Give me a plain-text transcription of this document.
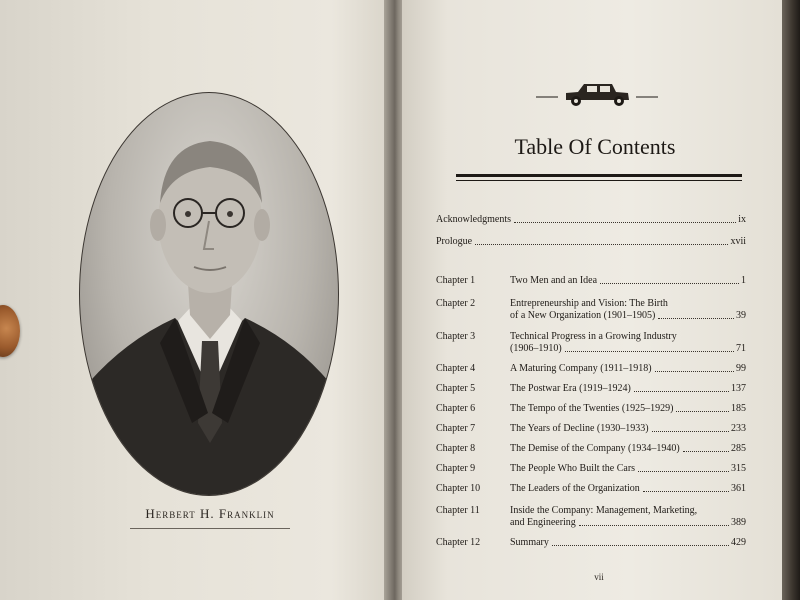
Herbert H. Franklin
Table Of Contents
Acknowledgments	ix
Prologue	xvii
Chapter 1	Two Men and an Idea	1
Chapter 2	Entrepreneurship and Vision: The Birth
of a New Organization (1901–1905)	39
Chapter 3	Technical Progress in a Growing Industry
(1906–1910)	71
Chapter 4	A Maturing Company (1911–1918)	99
Chapter 5	The Postwar Era (1919–1924)	137
Chapter 6	The Tempo of the Twenties (1925–1929)	185
Chapter 7	The Years of Decline (1930–1933)	233
Chapter 8	The Demise of the Company (1934–1940)	285
Chapter 9	The People Who Built the Cars	315
Chapter 10	The Leaders of the Organization	361
Chapter 11	Inside the Company: Management, Marketing,
and Engineering	389
Chapter 12	Summary	429
vii
